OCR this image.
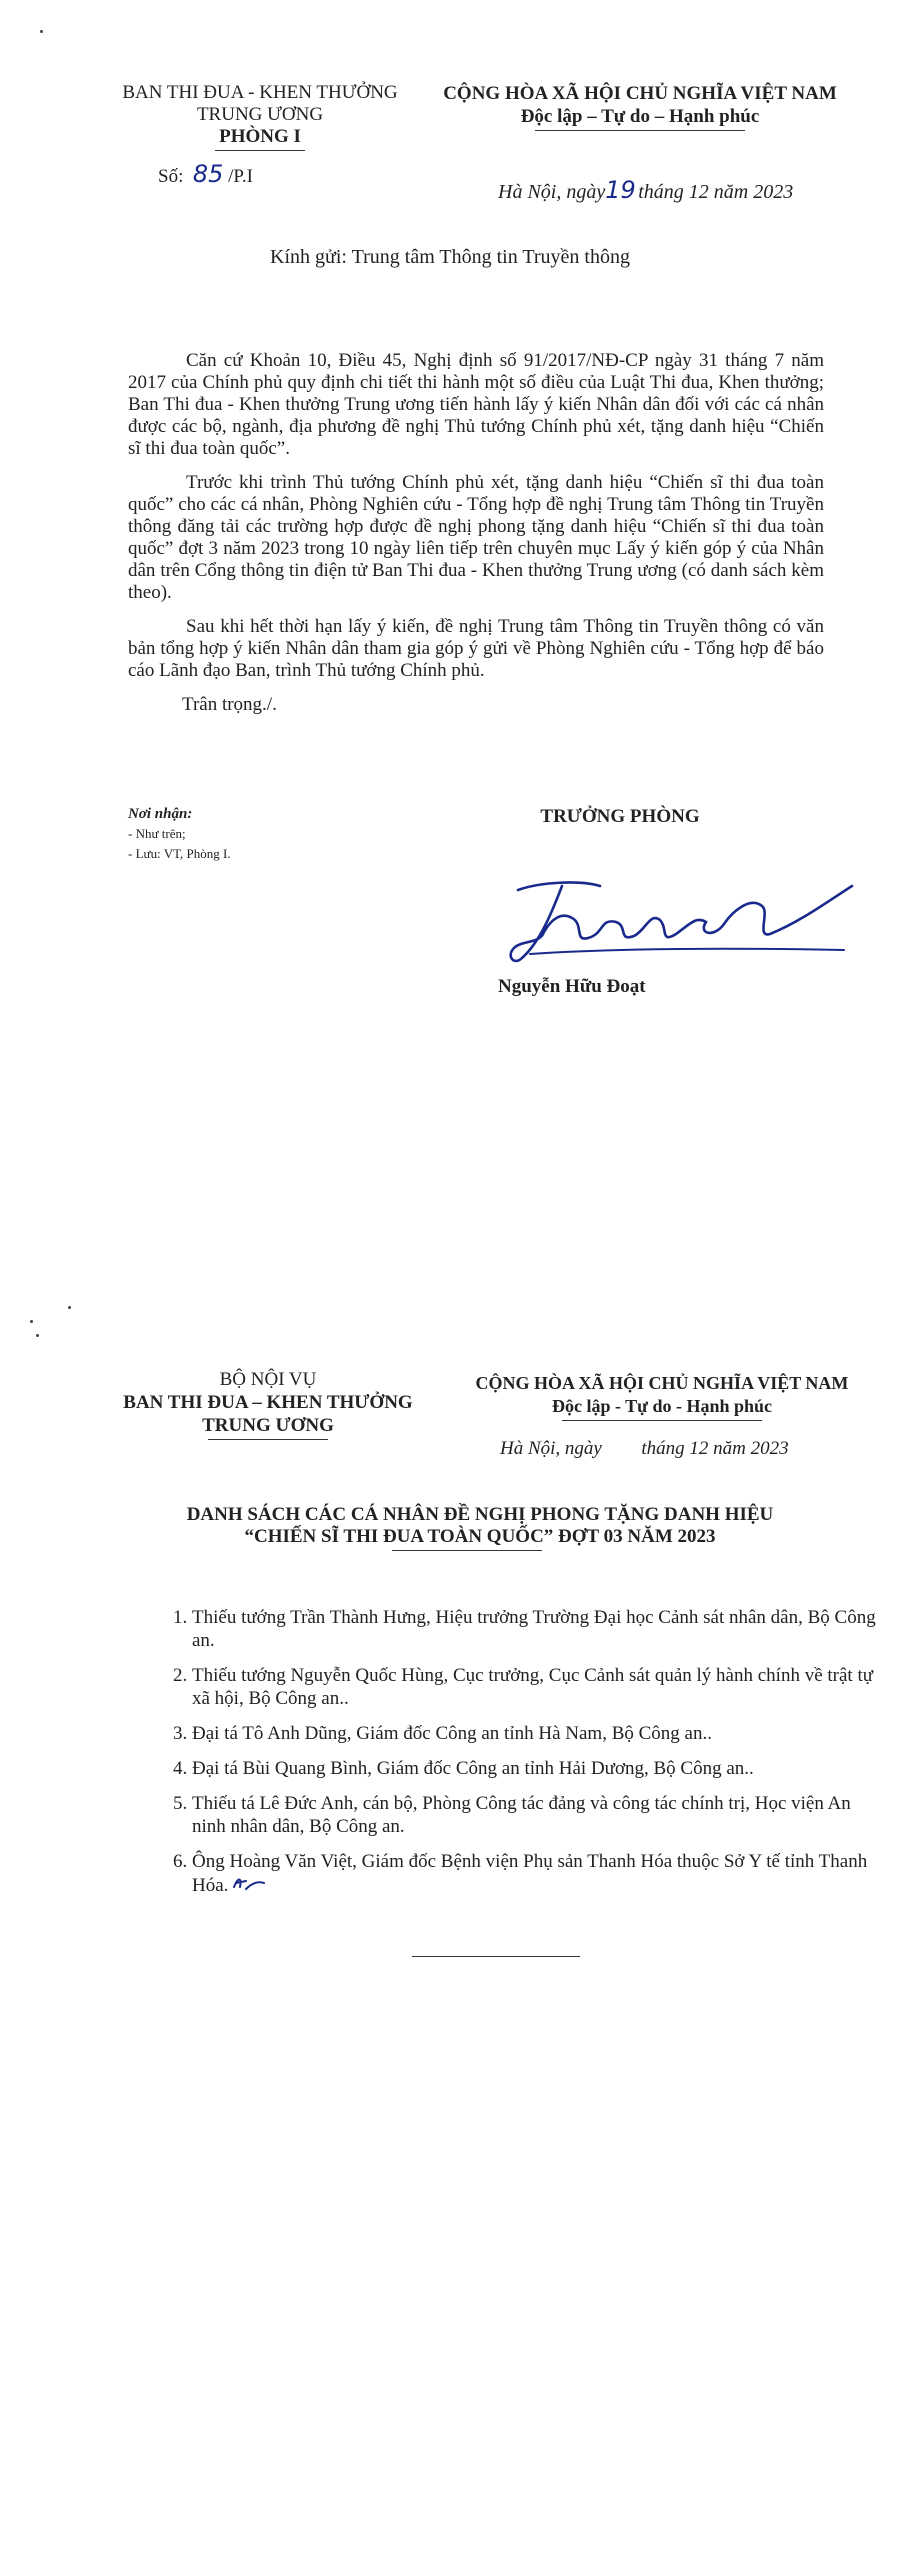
BAN THI ĐUA - KHEN THƯỞNG
TRUNG ƯƠNG
PHÒNG I
CỘNG HÒA XÃ HỘI CHỦ NGHĨA VIỆT NAM
Độc lập – Tự do – Hạnh phúc
Số: 85 /P.I
Hà Nội, ngày19 tháng 12 năm 2023
Kính gửi: Trung tâm Thông tin Truyền thông

Căn cứ Khoản 10, Điều 45, Nghị định số 91/2017/NĐ-CP ngày 31 tháng 7 năm 2017 của Chính phủ quy định chi tiết thi hành một số điều của Luật Thi đua, Khen thưởng; Ban Thi đua - Khen thưởng Trung ương tiến hành lấy ý kiến Nhân dân đối với các cá nhân được các bộ, ngành, địa phương đề nghị Thủ tướng Chính phủ xét, tặng danh hiệu “Chiến sĩ thi đua toàn quốc”.

Trước khi trình Thủ tướng Chính phủ xét, tặng danh hiệu “Chiến sĩ thi đua toàn quốc” cho các cá nhân, Phòng Nghiên cứu - Tổng hợp đề nghị Trung tâm Thông tin Truyền thông đăng tải các trường hợp được đề nghị phong tặng danh hiệu “Chiến sĩ thi đua toàn quốc” đợt 3 năm 2023 trong 10 ngày liên tiếp trên chuyên mục Lấy ý kiến góp ý của Nhân dân trên Cổng thông tin điện tử Ban Thi đua - Khen thưởng Trung ương (có danh sách kèm theo).

Sau khi hết thời hạn lấy ý kiến, đề nghị Trung tâm Thông tin Truyền thông có văn bản tổng hợp ý kiến Nhân dân tham gia góp ý gửi về Phòng Nghiên cứu - Tổng hợp để báo cáo Lãnh đạo Ban, trình Thủ tướng Chính phủ.

Trân trọng./.

Nơi nhận:
- Như trên;
- Lưu: VT, Phòng I.
TRƯỞNG PHÒNG
Đoạt
Nguyễn Hữu Đoạt
BỘ NỘI VỤ
BAN THI ĐUA – KHEN THƯỞNG
TRUNG ƯƠNG
CỘNG HÒA XÃ HỘI CHỦ NGHĨA VIỆT NAM
Độc lập - Tự do - Hạnh phúc
Hà Nội, ngày tháng 12 năm 2023
DANH SÁCH CÁC CÁ NHÂN ĐỀ NGHỊ PHONG TẶNG DANH HIỆU
“CHIẾN SĨ THI ĐUA TOÀN QUỐC” ĐỢT 03 NĂM 2023
1. Thiếu tướng Trần Thành Hưng, Hiệu trưởng Trường Đại học Cảnh sát nhân dân, Bộ Công an.
2. Thiếu tướng Nguyễn Quốc Hùng, Cục trưởng, Cục Cảnh sát quản lý hành chính về trật tự xã hội, Bộ Công an..
3. Đại tá Tô Anh Dũng, Giám đốc Công an tỉnh Hà Nam, Bộ Công an..
4. Đại tá Bùi Quang Bình, Giám đốc Công an tỉnh Hải Dương, Bộ Công an..
5. Thiếu tá Lê Đức Anh, cán bộ, Phòng Công tác đảng và công tác chính trị, Học viện An ninh nhân dân, Bộ Công an.
6. Ông Hoàng Văn Việt, Giám đốc Bệnh viện Phụ sản Thanh Hóa thuộc Sở Y tế tỉnh Thanh Hóa.
